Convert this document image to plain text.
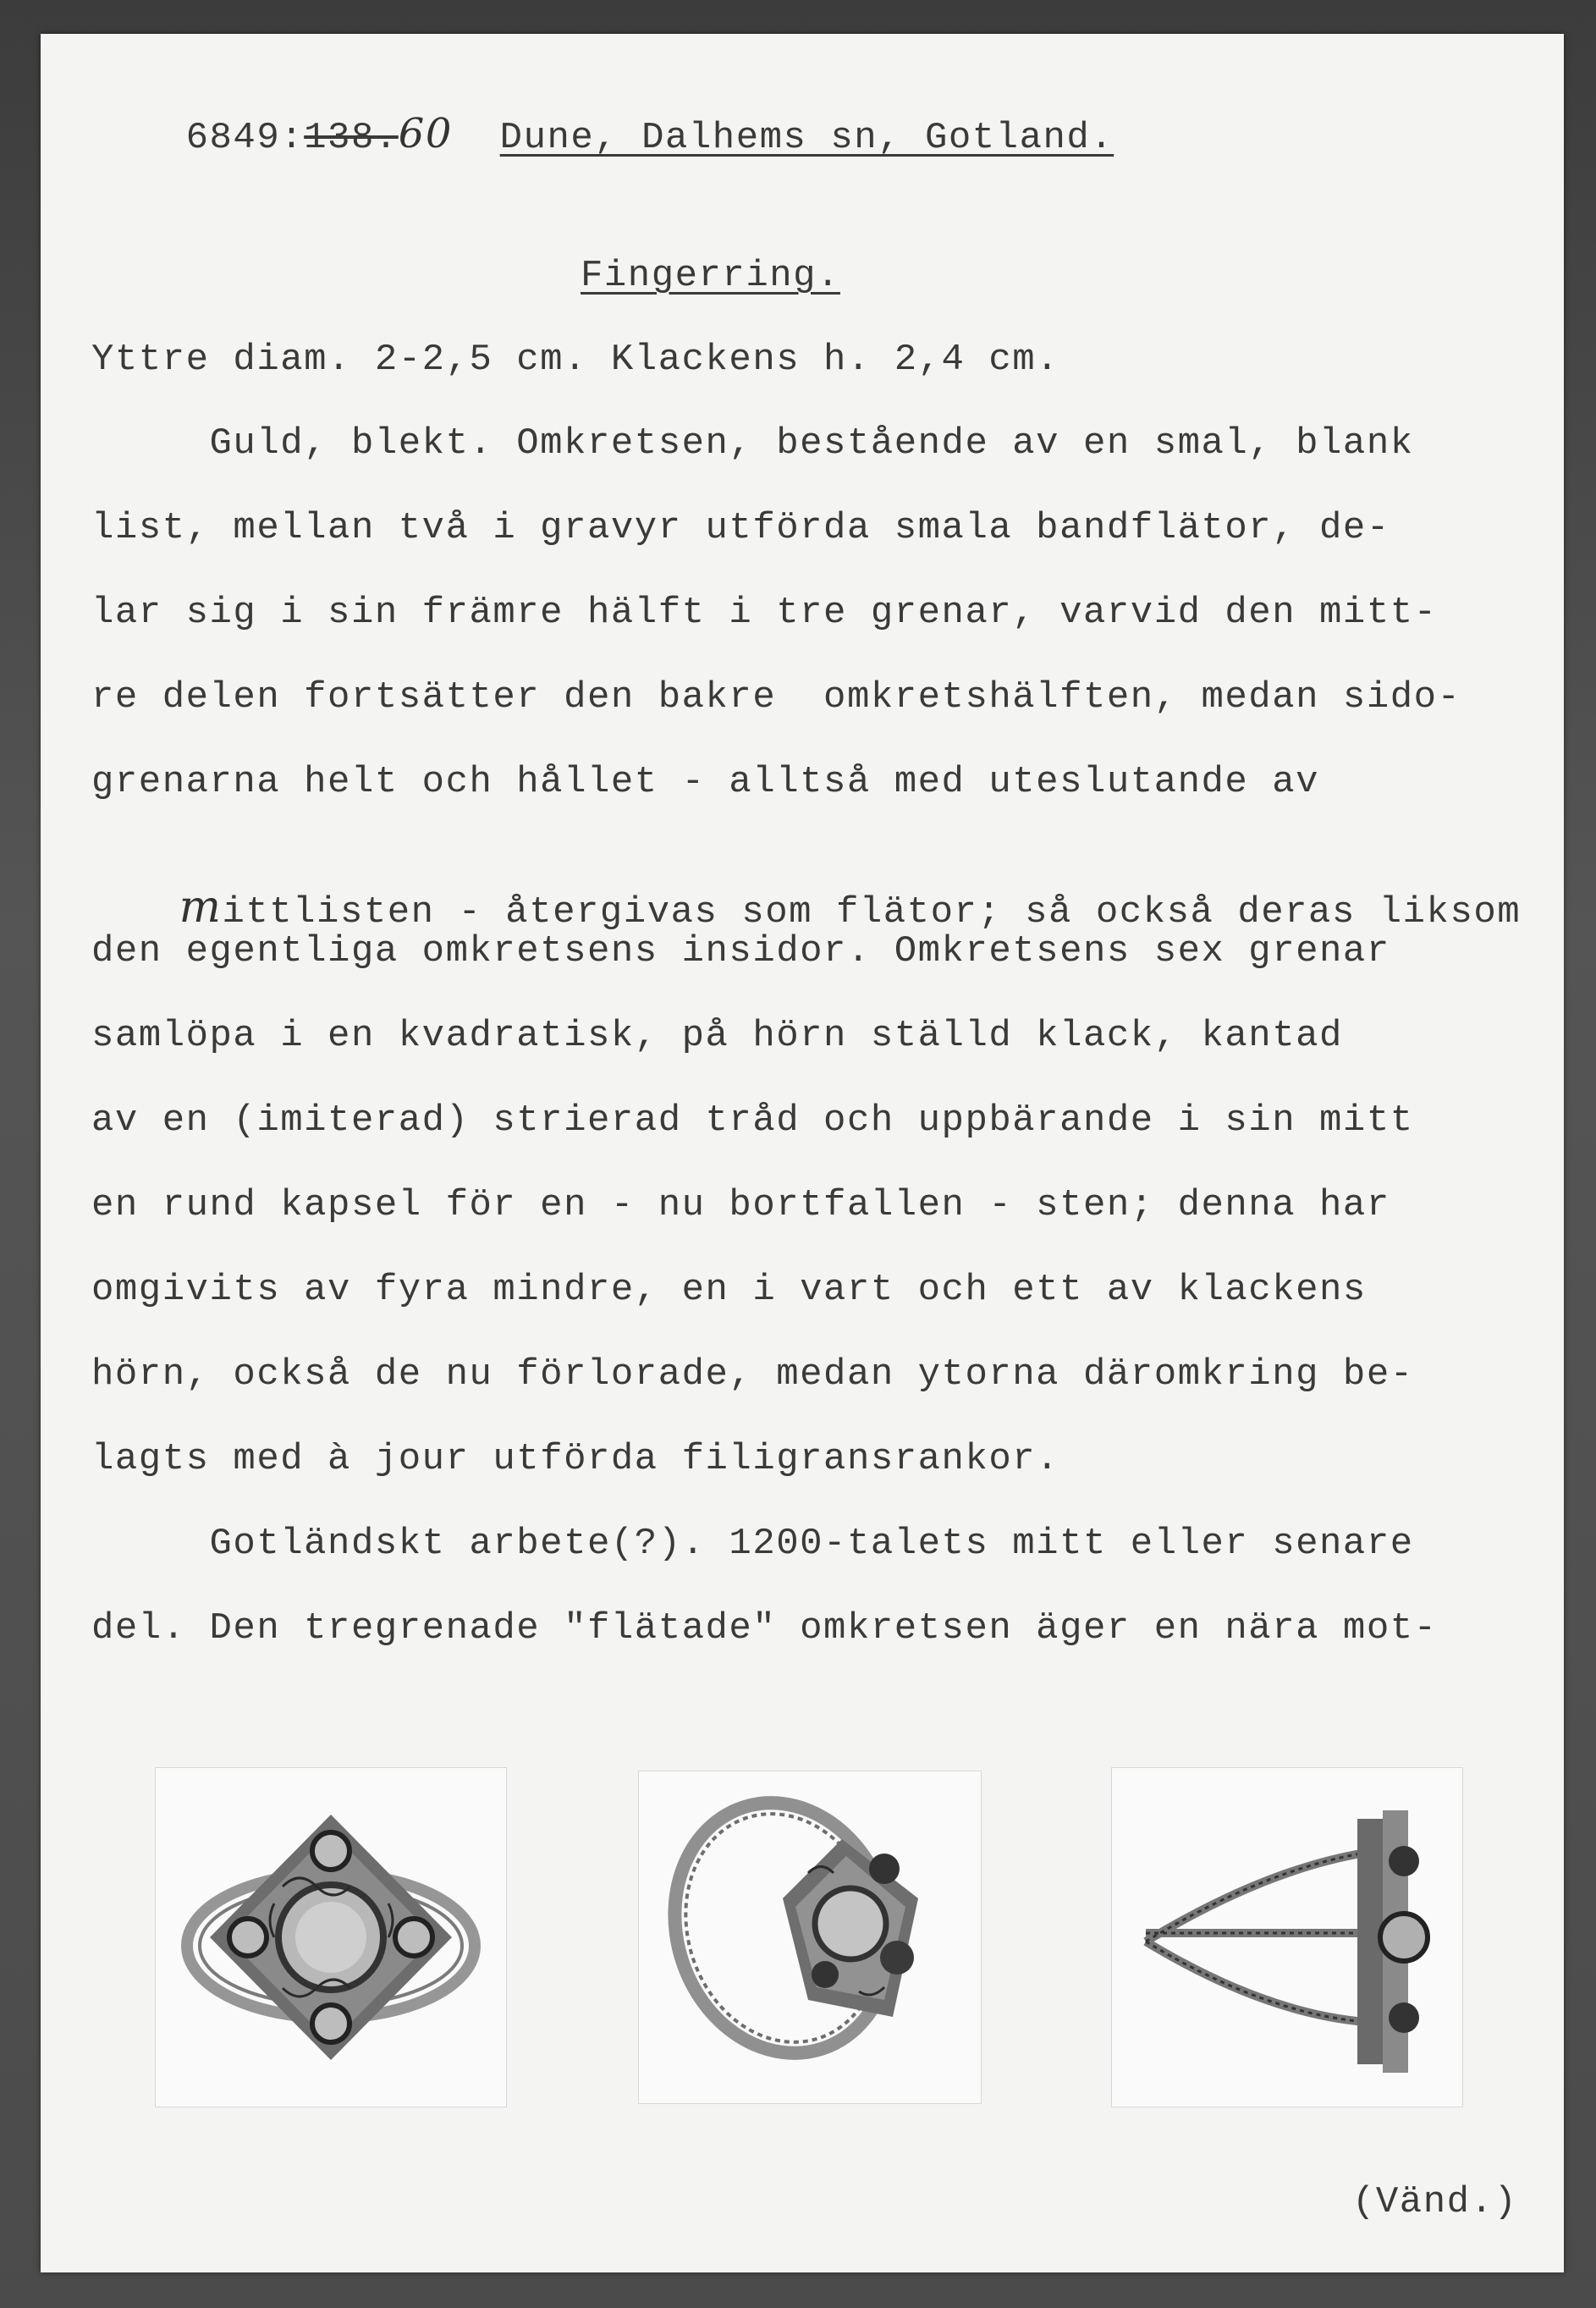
6849:138.60 Dune, Dalhems sn, Gotland.

Fingerring.
Yttre diam. 2-2,5 cm. Klackens h. 2,4 cm.
Guld, blekt. Omkretsen, bestående av en smal, blank
list, mellan två i gravyr utförda smala bandflätor, de-
lar sig i sin främre hälft i tre grenar, varvid den mitt-
re delen fortsätter den bakre  omkretshälften, medan sido-
grenarna helt och hållet - alltså med uteslutande av

mittlisten - återgivas som flätor; så också deras liksom

den egentliga omkretsens insidor. Omkretsens sex grenar
samlöpa i en kvadratisk, på hörn ställd klack, kantad
av en (imiterad) strierad tråd och uppbärande i sin mitt
en rund kapsel för en - nu bortfallen - sten; denna har
omgivits av fyra mindre, en i vart och ett av klackens
hörn, också de nu förlorade, medan ytorna däromkring be-
lagts med à jour utförda filigransrankor.
Gotländskt arbete(?). 1200-talets mitt eller senare
del. Den tregrenade "flätade" omkretsen äger en nära mot-
(Vänd.)
